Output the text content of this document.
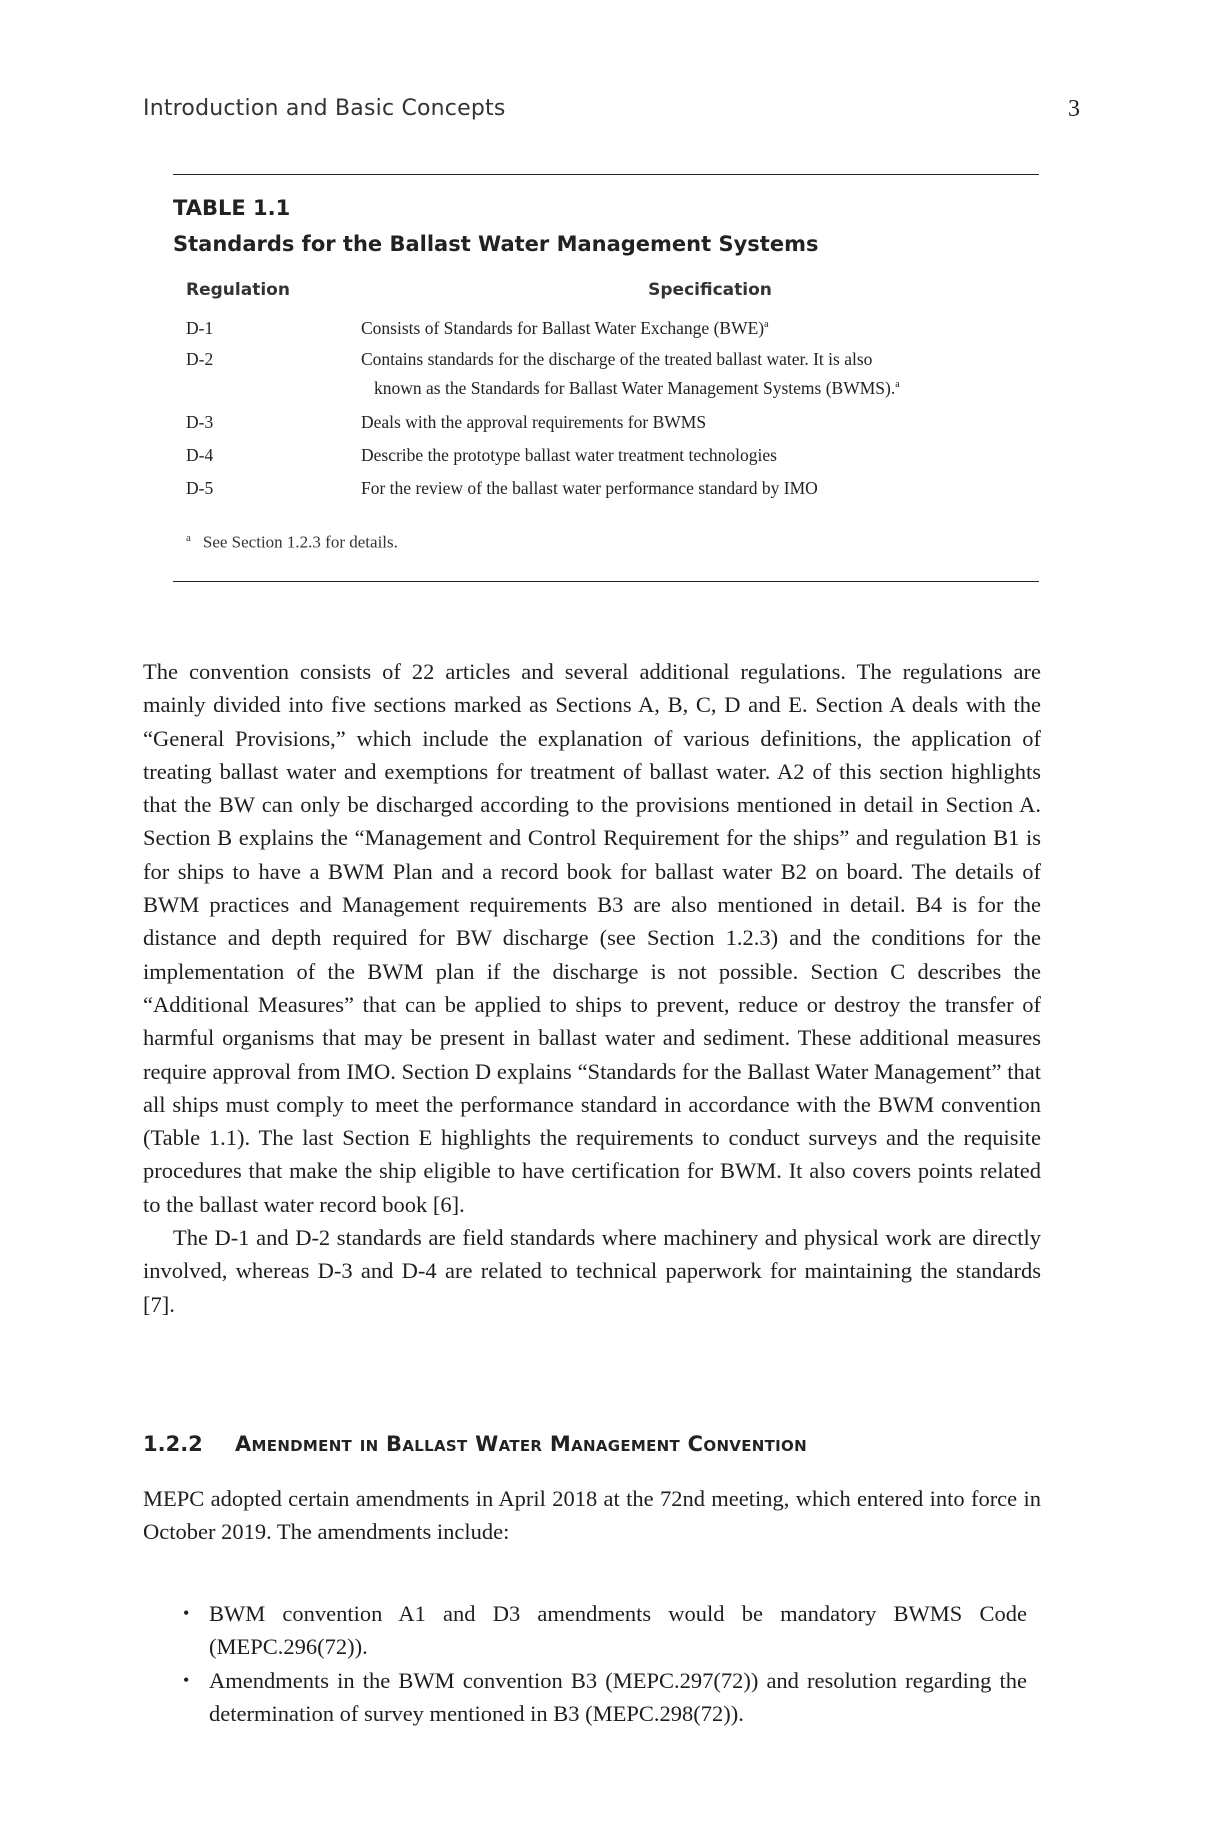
Introduction and Basic Concepts	3
TABLE 1.1
Standards for the Ballast Water Management Systems
Regulation	Specification
D-1	Consists of Standards for Ballast Water Exchange (BWE)$^a$
D-2	Contains standards for the discharge of the treated ballast water. It is also
known as the Standards for Ballast Water Management Systems (BWMS).$^a$
D-3	Deals with the approval requirements for BWMS
D-4	Describe the prototype ballast water treatment technologies
D-5	For the review of the ballast water performance standard by IMO
$^a$ See Section 1.2.3 for details.

The convention consists of 22 articles and several additional regulations. The regulations are mainly divided into five sections marked as Sections A, B, C, D and E. Section A deals with the “General Provisions,” which include the explanation of various definitions, the application of treating ballast water and exemptions for treatment of ballast water. A2 of this section highlights that the BW can only be discharged according to the provisions mentioned in detail in Section A. Section B explains the “Management and Control Requirement for the ships” and regulation B1 is for ships to have a BWM Plan and a record book for ballast water B2 on board. The details of BWM practices and Management requirements B3 are also mentioned in detail. B4 is for the distance and depth required for BW discharge (see Section 1.2.3) and the conditions for the implementation of the BWM plan if the discharge is not possible. Section C describes the “Additional Measures” that can be applied to ships to prevent, reduce or destroy the transfer of harmful organisms that may be present in ballast water and sediment. These additional measures require approval from IMO. Section D explains “Standards for the Ballast Water Management” that all ships must comply to meet the performance standard in accordance with the BWM convention (Table 1.1). The last Section E highlights the requirements to conduct surveys and the requisite procedures that make the ship eligible to have certification for BWM. It also covers points related to the ballast water record book [6].

The D-1 and D-2 standards are field standards where machinery and physical work are directly involved, whereas D-3 and D-4 are related to technical paperwork for maintaining the standards [7].

1.2.2 Amendment in Ballast Water Management Convention

MEPC adopted certain amendments in April 2018 at the 72nd meeting, which entered into force in October 2019. The amendments include:

• BWM convention A1 and D3 amendments would be mandatory BWMS Code (MEPC.296(72)).
• Amendments in the BWM convention B3 (MEPC.297(72)) and resolution regarding the determination of survey mentioned in B3 (MEPC.298(72)).
